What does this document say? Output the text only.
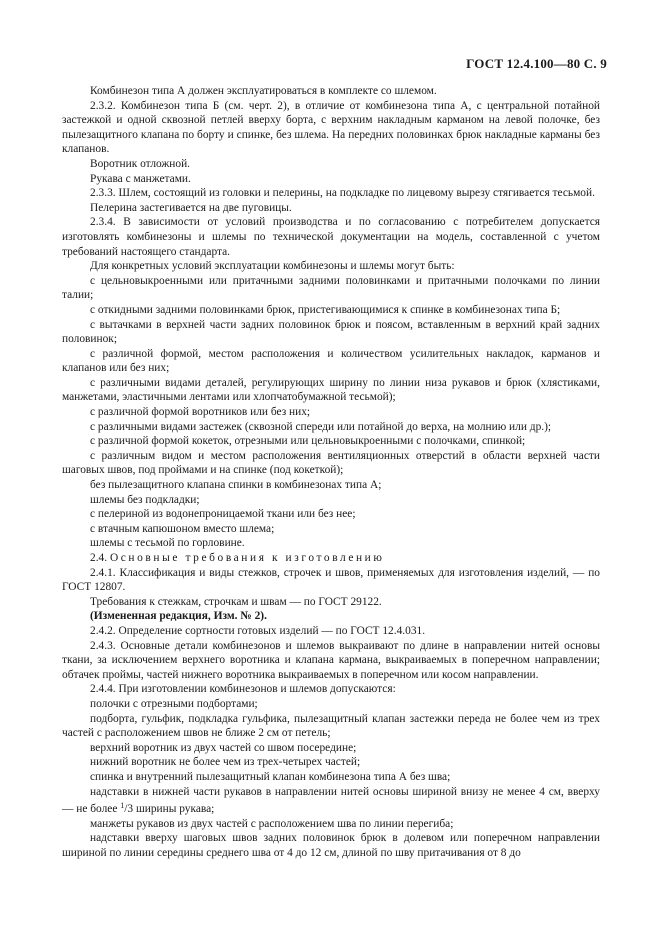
ГОСТ 12.4.100—80 С. 9

Комбинезон типа А должен эксплуатироваться в комплекте со шлемом.

2.3.2. Комбинезон типа Б (см. черт. 2), в отличие от комбинезона типа А, с центральной потайной застежкой и одной сквозной петлей вверху борта, с верхним накладным карманом на левой полочке, без пылезащитного клапана по борту и спинке, без шлема. На передних половинках брюк накладные карманы без клапанов.

Воротник отложной.

Рукава с манжетами.

2.3.3. Шлем, состоящий из головки и пелерины, на подкладке по лицевому вырезу стягивается тесьмой.

Пелерина застегивается на две пуговицы.

2.3.4. В зависимости от условий производства и по согласованию с потребителем допускается изготовлять комбинезоны и шлемы по технической документации на модель, составленной с учетом требований настоящего стандарта.

Для конкретных условий эксплуатации комбинезоны и шлемы могут быть:

с цельновыкроенными или притачными задними половинками и притачными полочками по линии талии;

с откидными задними половинками брюк, пристегивающимися к спинке в комбинезонах типа Б;

с вытачками в верхней части задних половинок брюк и поясом, вставленным в верхний край задних половинок;

с различной формой, местом расположения и количеством усилительных накладок, карманов и клапанов или без них;

с различными видами деталей, регулирующих ширину по линии низа рукавов и брюк (хлястиками, манжетами, эластичными лентами или хлопчатобумажной тесьмой);

с различной формой воротников или без них;

с различными видами застежек (сквозной спереди или потайной до верха, на молнию или др.);

с различной формой кокеток, отрезными или цельновыкроенными с полочками, спинкой;

с различным видом и местом расположения вентиляционных отверстий в области верхней части шаговых швов, под проймами и на спинке (под кокеткой);

без пылезащитного клапана спинки в комбинезонах типа А;

шлемы без подкладки;

с пелериной из водонепроницаемой ткани или без нее;

с втачным капюшоном вместо шлема;

шлемы с тесьмой по горловине.

2.4. Основные требования к изготовлению

2.4.1. Классификация и виды стежков, строчек и швов, применяемых для изготовления изделий, — по ГОСТ 12807.

Требования к стежкам, строчкам и швам — по ГОСТ 29122.

(Измененная редакция, Изм. № 2).

2.4.2. Определение сортности готовых изделий — по ГОСТ 12.4.031.

2.4.3. Основные детали комбинезонов и шлемов выкраивают по длине в направлении нитей основы ткани, за исключением верхнего воротника и клапана кармана, выкраиваемых в поперечном направлении; обтачек проймы, частей нижнего воротника выкраиваемых в поперечном или косом направлении.

2.4.4. При изготовлении комбинезонов и шлемов допускаются:

полочки с отрезными подбортами;

подборта, гульфик, подкладка гульфика, пылезащитный клапан застежки переда не более чем из трех частей с расположением швов не ближе 2 см от петель;

верхний воротник из двух частей со швом посередине;

нижний воротник не более чем из трех-четырех частей;

спинка и внутренний пылезащитный клапан комбинезона типа А без шва;

надставки в нижней части рукавов в направлении нитей основы шириной внизу не менее 4 см, вверху — не более $^1$/3 ширины рукава;

манжеты рукавов из двух частей с расположением шва по линии перегиба;

надставки вверху шаговых швов задних половинок брюк в долевом или поперечном направлении шириной по линии середины среднего шва от 4 до 12 см, длиной по шву притачивания от 8 до
